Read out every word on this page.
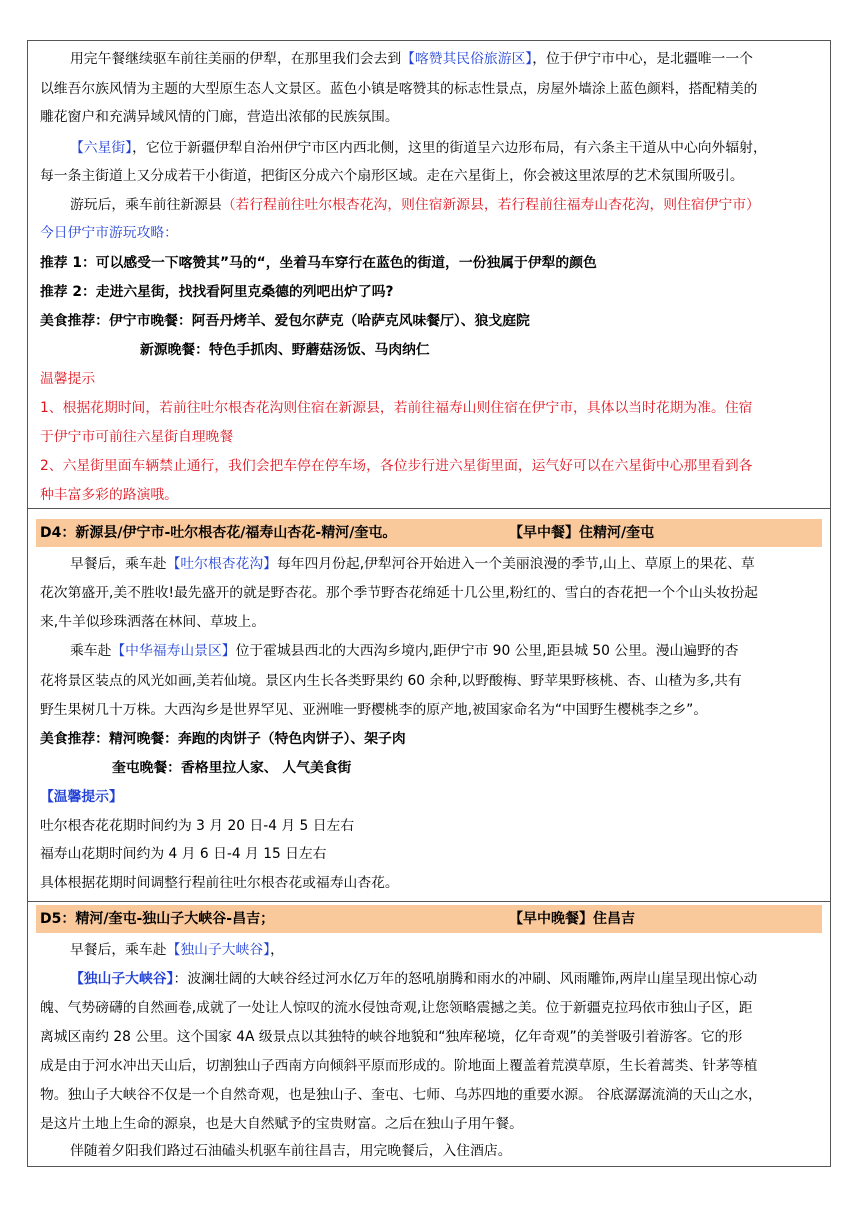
用完午餐继续驱车前往美丽的伊犁，在那里我们会去到【喀赞其民俗旅游区】，位于伊宁市中心，是北疆唯一一个
以维吾尔族风情为主题的大型原生态人文景区。蓝色小镇是喀赞其的标志性景点，房屋外墙涂上蓝色颜料，搭配精美的
雕花窗户和充满异域风情的门廊，营造出浓郁的民族氛围。
【六星街】，它位于新疆伊犁自治州伊宁市区内西北侧，这里的街道呈六边形布局，有六条主干道从中心向外辐射，
每一条主街道上又分成若干小街道，把街区分成六个扇形区域。走在六星街上，你会被这里浓厚的艺术氛围所吸引。
游玩后，乘车前往新源县（若行程前往吐尔根杏花沟，则住宿新源县，若行程前往福寿山杏花沟，则住宿伊宁市）
今日伊宁市游玩攻略：
推荐 1：可以感受一下喀赞其”马的“，坐着马车穿行在蓝色的街道，一份独属于伊犁的颜色
推荐 2：走进六星街，找找看阿里克桑德的列吧出炉了吗?
美食推荐：伊宁市晚餐：阿吾丹烤羊、爱包尔萨克（哈萨克风味餐厅）、狼戈庭院
新源晚餐：特色手抓肉、野蘑菇汤饭、马肉纳仁
温馨提示
1、根据花期时间，若前往吐尔根杏花沟则住宿在新源县，若前往福寿山则住宿在伊宁市，具体以当时花期为准。住宿
于伊宁市可前往六星街自理晚餐
2、六星街里面车辆禁止通行，我们会把车停在停车场，各位步行进六星街里面，运气好可以在六星街中心那里看到各
种丰富多彩的路演哦。
D4：新源县/伊宁市-吐尔根杏花/福寿山杏花-精河/奎屯。	【早中餐】住精河/奎屯
早餐后，乘车赴【吐尔根杏花沟】每年四月份起,伊犁河谷开始进入一个美丽浪漫的季节,山上、草原上的果花、草
花次第盛开,美不胜收!最先盛开的就是野杏花。那个季节野杏花绵延十几公里,粉红的、雪白的杏花把一个个山头妆扮起
来,牛羊似珍珠洒落在林间、草坡上。
乘车赴【中华福寿山景区】位于霍城县西北的大西沟乡境内,距伊宁市 90 公里,距县城 50 公里。漫山遍野的杏
花将景区装点的风光如画,美若仙境。景区内生长各类野果约 60 余种,以野酸梅、野苹果野核桃、杏、山楂为多,共有
野生果树几十万株。大西沟乡是世界罕见、亚洲唯一野樱桃李的原产地,被国家命名为“中国野生樱桃李之乡”。
美食推荐：精河晚餐：奔跑的肉饼子（特色肉饼子）、架子肉
奎屯晚餐：香格里拉人家、 人气美食街
【温馨提示】
吐尔根杏花花期时间约为 3 月 20 日-4 月 5 日左右
福寿山花期时间约为 4 月 6 日-4 月 15 日左右
具体根据花期时间调整行程前往吐尔根杏花或福寿山杏花。
D5：精河/奎屯-独山子大峡谷-昌吉；	【早中晚餐】住昌吉
早餐后，乘车赴【独山子大峡谷】，
【独山子大峡谷】：波澜壮阔的大峡谷经过河水亿万年的怒吼崩腾和雨水的冲刷、风雨雕饰,两岸山崖呈现出惊心动
魄、气势磅礴的自然画卷,成就了一处让人惊叹的流水侵蚀奇观,让您领略震撼之美。位于新疆克拉玛依市独山子区，距
离城区南约 28 公里。这个国家 4A 级景点以其独特的峡谷地貌和“独库秘境，亿年奇观”的美誉吸引着游客。它的形
成是由于河水冲出天山后，切割独山子西南方向倾斜平原而形成的。阶地面上覆盖着荒漠草原，生长着蒿类、针茅等植
物。独山子大峡谷不仅是一个自然奇观，也是独山子、奎屯、七师、乌苏四地的重要水源。 谷底潺潺流淌的天山之水，
是这片土地上生命的源泉，也是大自然赋予的宝贵财富。之后在独山子用午餐。
伴随着夕阳我们路过石油磕头机驱车前往昌吉，用完晚餐后，入住酒店。
